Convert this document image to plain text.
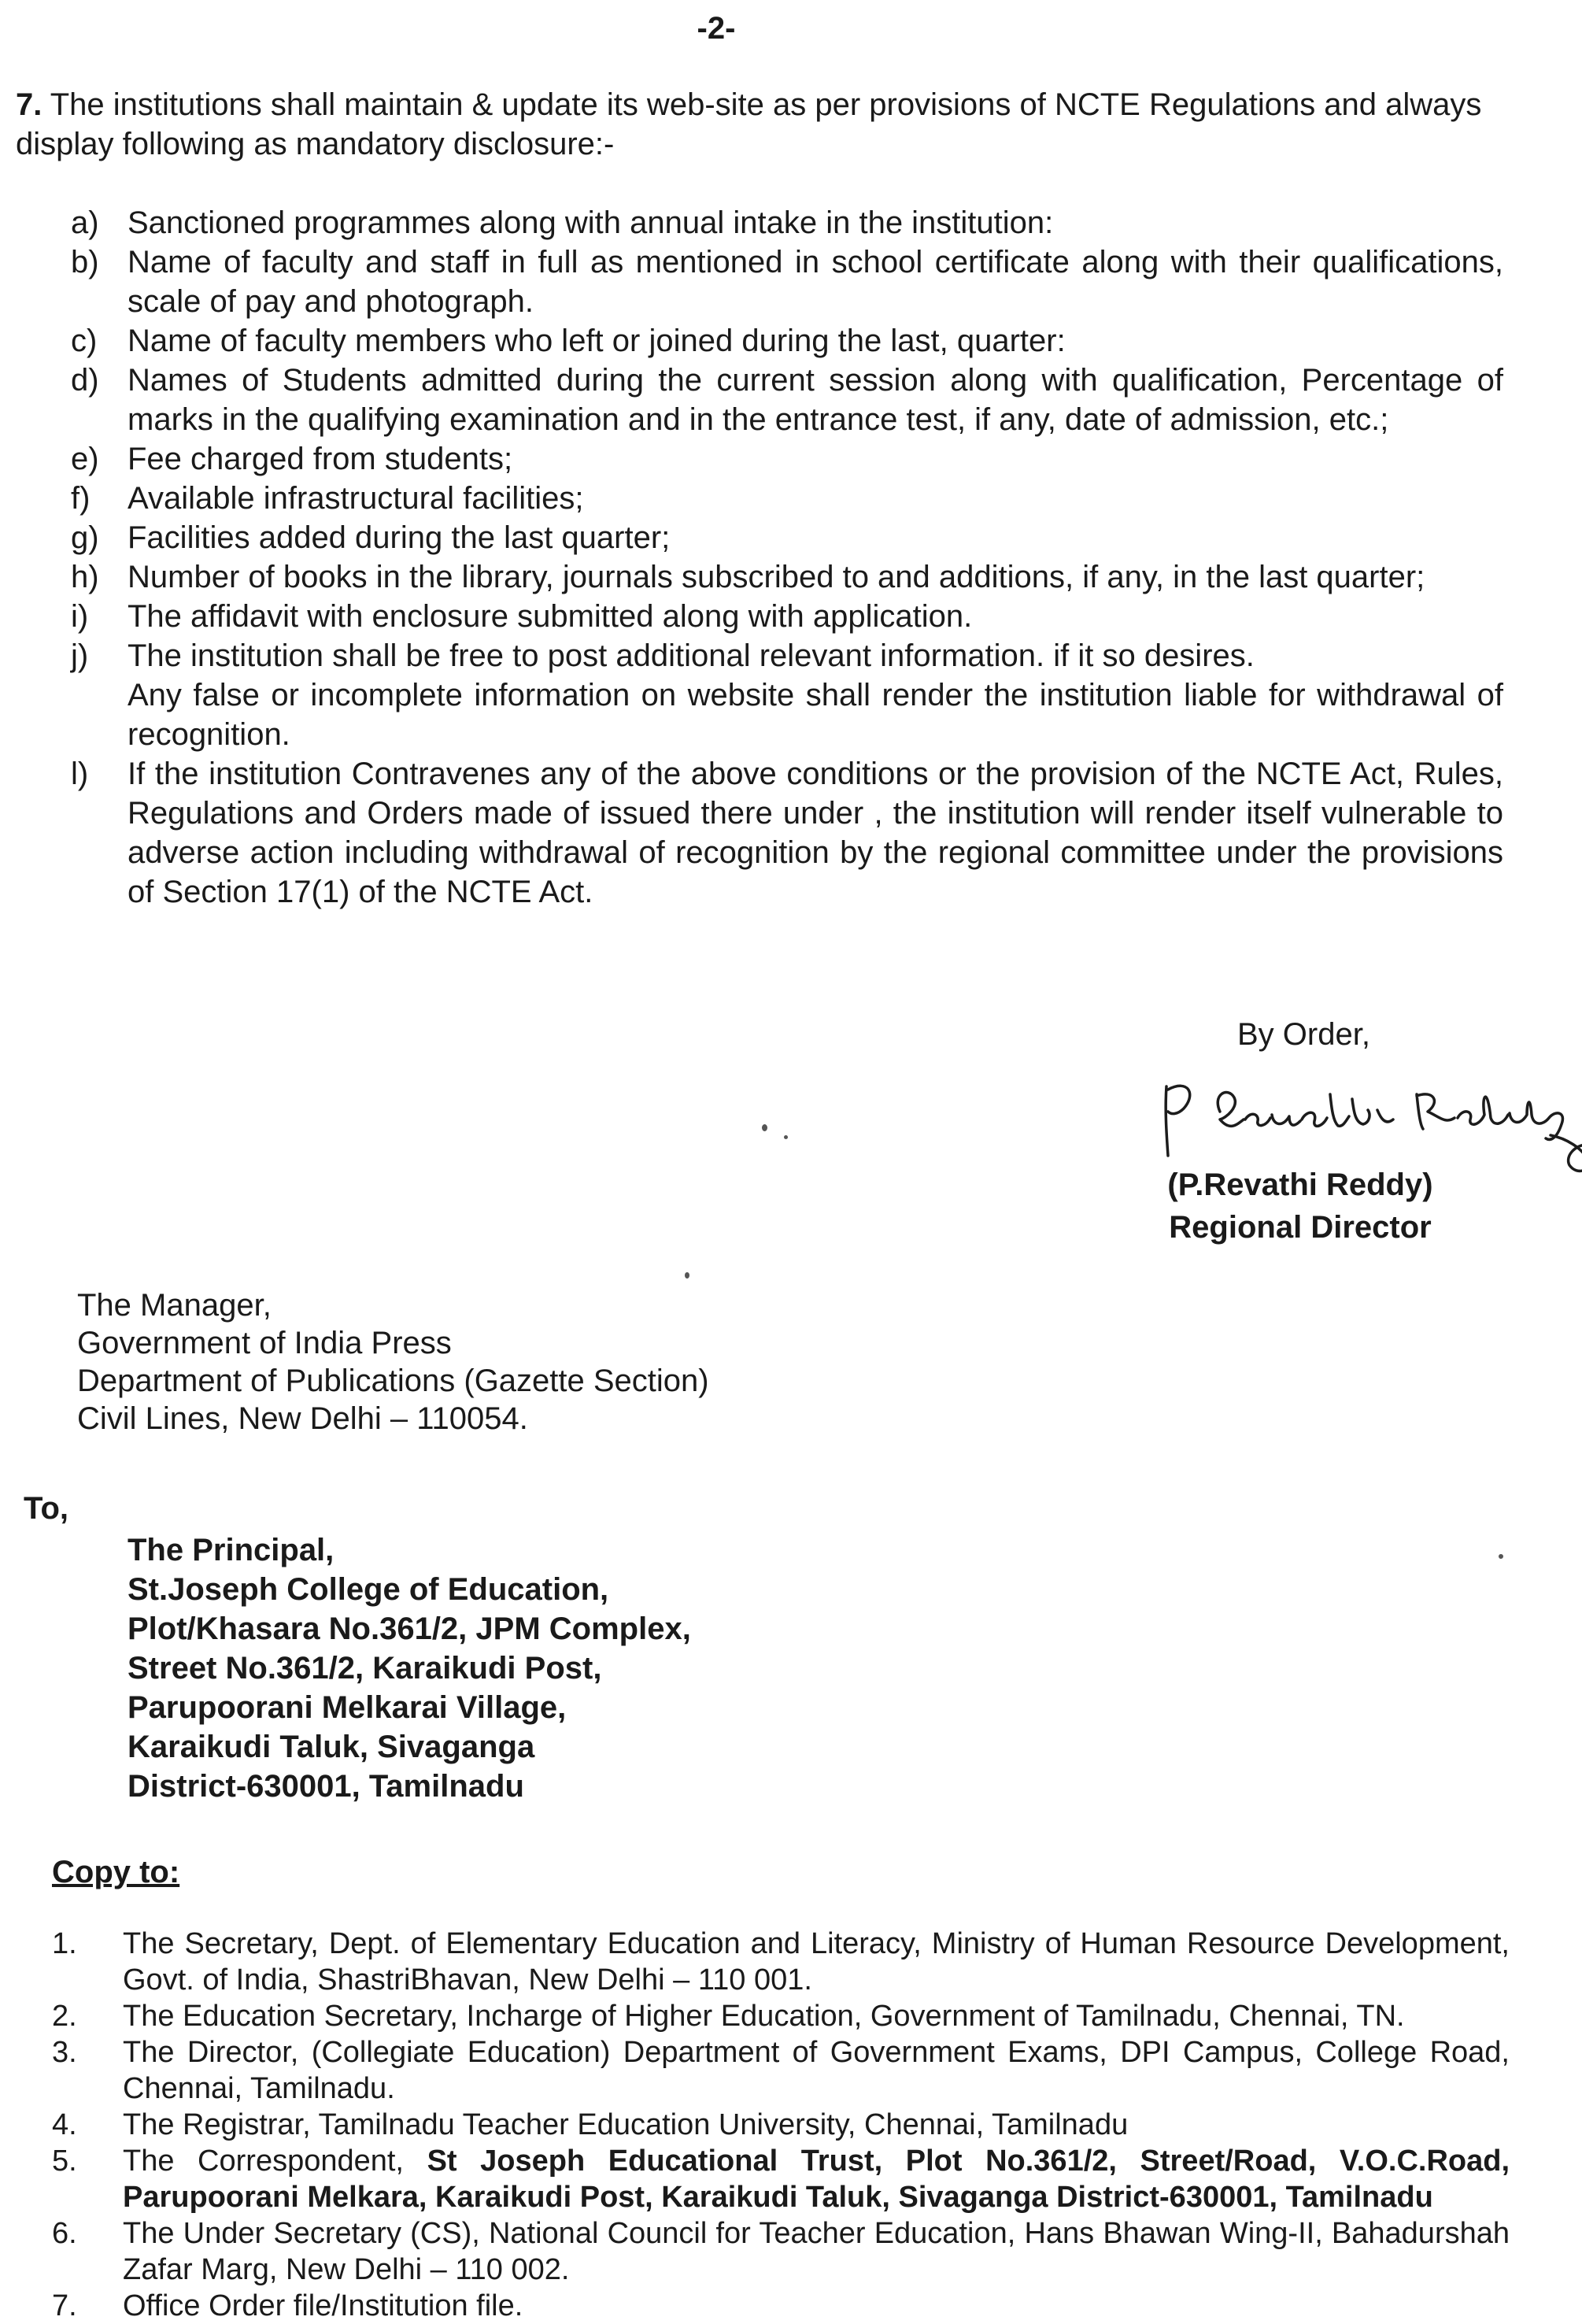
-2-
7. The institutions shall maintain & update its web-site as per provisions of NCTE Regulations and always display following as mandatory disclosure:-
a) Sanctioned programmes along with annual intake in the institution:
b) Name of faculty and staff in full as mentioned in school certificate along with their qualifications, scale of pay and photograph.
c) Name of faculty members who left or joined during the last, quarter:
d) Names of Students admitted during the current session along with qualification, Percentage of marks in the qualifying examination and in the entrance test, if any, date of admission, etc.;
e) Fee charged from students;
f)	Available infrastructural facilities;
g) Facilities added during the last quarter;
h) Number of books in the library, journals subscribed to and additions, if any, in the last quarter;
i)	The affidavit with enclosure submitted along with application.
j)	The institution shall be free to post additional relevant information. if it so desires.
Any false or incomplete information on website shall render the institution liable for withdrawal of recognition.
l)	If the institution Contravenes any of the above conditions or the provision of the NCTE Act, Rules, Regulations and Orders made of issued there under , the institution will render itself vulnerable to adverse action including withdrawal of recognition by the regional committee under the provisions of Section 17(1) of the NCTE Act.
By Order,
(P.Revathi Reddy)
Regional Director
The Manager,
Government of India Press
Department of Publications (Gazette Section)
Civil Lines, New Delhi – 110054.
To,
The Principal,
St.Joseph College of Education,
Plot/Khasara No.361/2, JPM Complex,
Street No.361/2, Karaikudi Post,
Parupoorani Melkarai Village,
Karaikudi Taluk, Sivaganga
District-630001, Tamilnadu
Copy to:
1.	The Secretary, Dept. of Elementary Education and Literacy, Ministry of Human Resource Development, Govt. of India, ShastriBhavan, New Delhi – 110 001.
2.	The Education Secretary, Incharge of Higher Education, Government of Tamilnadu, Chennai, TN.
3.	The Director, (Collegiate Education) Department of Government Exams, DPI Campus, College Road, Chennai, Tamilnadu.
4.	The Registrar, Tamilnadu Teacher Education University, Chennai, Tamilnadu
5.	The Correspondent, St Joseph Educational Trust, Plot No.361/2, Street/Road, V.O.C.Road, Parupoorani Melkara, Karaikudi Post, Karaikudi Taluk, Sivaganga District-630001, Tamilnadu
6.	The Under Secretary (CS), National Council for Teacher Education, Hans Bhawan Wing-II, Bahadurshah Zafar Marg, New Delhi – 110 002.
7.	Office Order file/Institution file.
